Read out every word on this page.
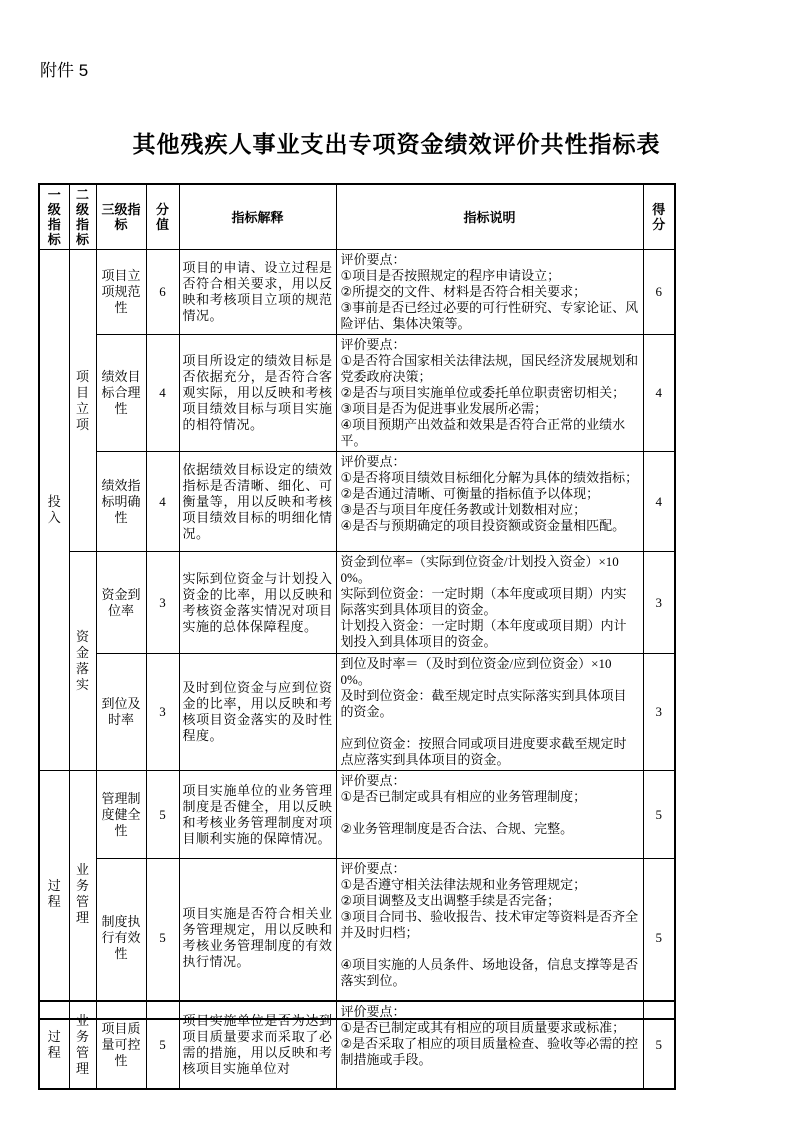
附件 5
其他残疾人事业支出专项资金绩效评价共性指标表
一级指标	二级指标	三级指标	分值	指标解释	指标说明	得分
投入	项目立项	项目立项规范性	6	项目的申请、设立过程是否符合相关要求，用以反映和考核项目立项的规范情况。	评价要点：
①项目是否按照规定的程序申请设立；
②所提交的文件、材料是否符合相关要求；
③事前是否已经过必要的可行性研究、专家论证、风险评估、集体决策等。	6
		绩效目标合理性	4	项目所设定的绩效目标是否依据充分，是否符合客观实际，用以反映和考核项目绩效目标与项目实施的相符情况。	评价要点：
①是否符合国家相关法律法规，国民经济发展规划和党委政府决策；
②是否与项目实施单位或委托单位职责密切相关；
③项目是否为促进事业发展所必需；
④项目预期产出效益和效果是否符合正常的业绩水平。	4
		绩效指标明确性	4	依据绩效目标设定的绩效指标是否清晰、细化、可衡量等，用以反映和考核项目绩效目标的明细化情况。	评价要点：
①是否将项目绩效目标细化分解为具体的绩效指标；
②是否通过清晰、可衡量的指标值予以体现；
③是否与项目年度任务教或计划数相对应；
④是否与预期确定的项目投资额或资金量相匹配。	4
	资金落实	资金到位率	3	实际到位资金与计划投入资金的比率，用以反映和考核资金落实情况对项目实施的总体保障程度。	资金到位率=（实际到位资金/计划投入资金）×100%。
实际到位资金：一定时期（本年度或项目期）内实际落实到具体项目的资金。
计划投入资金：一定时期（本年度或项目期）内计划投入到具体项目的资金。	3
		到位及时率	3	及时到位资金与应到位资金的比率，用以反映和考核项目资金落实的及时性程度。	到位及时率＝（及时到位资金/应到位资金）×100%。
及时到位资金：截至规定时点实际落实到具体项目的资金。

应到位资金：按照合同或项目进度要求截至规定时点应落实到具体项目的资金。	3
过程	业务管理	管理制度健全性	5	项目实施单位的业务管理制度是否健全，用以反映和考核业务管理制度对项目顺利实施的保障情况。	评价要点：
①是否已制定或具有相应的业务管理制度；

②业务管理制度是否合法、合规、完整。	5
		制度执行有效性	5	项目实施是否符合相关业务管理规定，用以反映和考核业务管理制度的有效执行情况。	评价要点：
①是否遵守相关法律法规和业务管理规定；
②项目调整及支出调整手续是否完备；
③项目合同书、验收报告、技术审定等资料是否齐全并及时归档；

④项目实施的人员条件、场地设备，信息支撑等是否落实到位。	5
过程	业务管理	项目质量可控性	5	项目实施单位是否为达到项目质量要求而采取了必需的措施，用以反映和考核项目实施单位对	评价要点：
①是否已制定或其有相应的项目质量要求或标准；
②是否采取了相应的项目质量检查、验收等必需的控制措施或手段。	5
